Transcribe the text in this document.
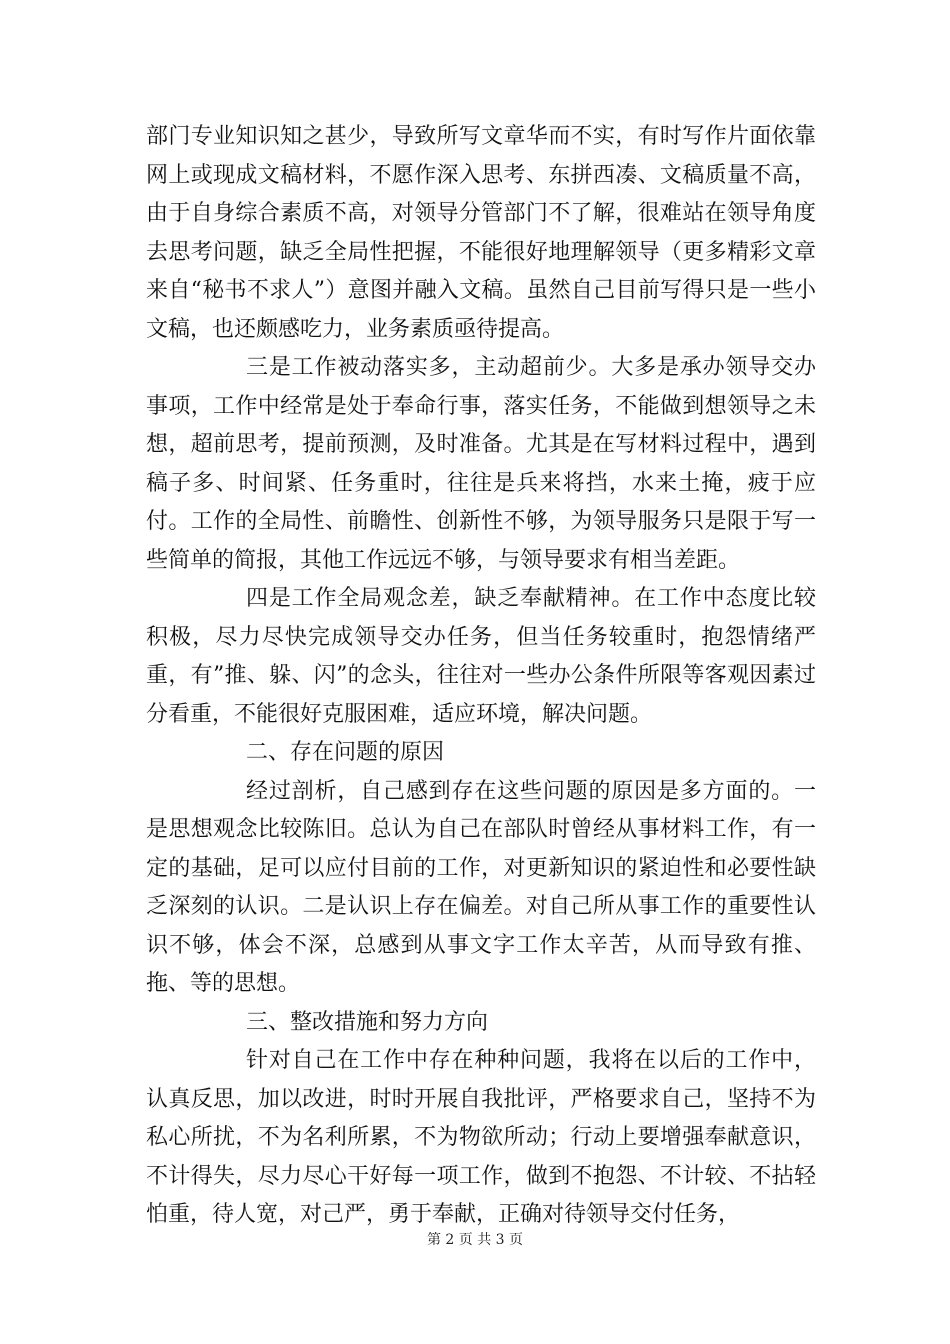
部门专业知识知之甚少，导致所写文章华而不实，有时写作片面依靠网上或现成文稿材料，不愿作深入思考、东拼西凑、文稿质量不高，由于自身综合素质不高，对领导分管部门不了解，很难站在领导角度去思考问题，缺乏全局性把握，不能很好地理解领导（更多精彩文章来自“秘书不求人”）意图并融入文稿。虽然自己目前写得只是一些小文稿，也还颇感吃力，业务素质亟待提高。

三是工作被动落实多，主动超前少。大多是承办领导交办事项，工作中经常是处于奉命行事，落实任务，不能做到想领导之未想，超前思考，提前预测，及时准备。尤其是在写材料过程中，遇到稿子多、时间紧、任务重时，往往是兵来将挡，水来土掩，疲于应付。工作的全局性、前瞻性、创新性不够，为领导服务只是限于写一些简单的简报，其他工作远远不够，与领导要求有相当差距。

四是工作全局观念差，缺乏奉献精神。在工作中态度比较积极，尽力尽快完成领导交办任务，但当任务较重时，抱怨情绪严重，有”推、躲、闪”的念头，往往对一些办公条件所限等客观因素过分看重，不能很好克服困难，适应环境，解决问题。

二、存在问题的原因

经过剖析，自己感到存在这些问题的原因是多方面的。一是思想观念比较陈旧。总认为自己在部队时曾经从事材料工作，有一定的基础，足可以应付目前的工作，对更新知识的紧迫性和必要性缺乏深刻的认识。二是认识上存在偏差。对自己所从事工作的重要性认识不够，体会不深，总感到从事文字工作太辛苦，从而导致有推、拖、等的思想。

三、整改措施和努力方向

针对自己在工作中存在种种问题，我将在以后的工作中，认真反思，加以改进，时时开展自我批评，严格要求自己，坚持不为私心所扰，不为名利所累，不为物欲所动；行动上要增强奉献意识，不计得失，尽力尽心干好每一项工作，做到不抱怨、不计较、不拈轻怕重，待人宽，对己严，勇于奉献，正确对待领导交付任务，

第 2 页 共 3 页
